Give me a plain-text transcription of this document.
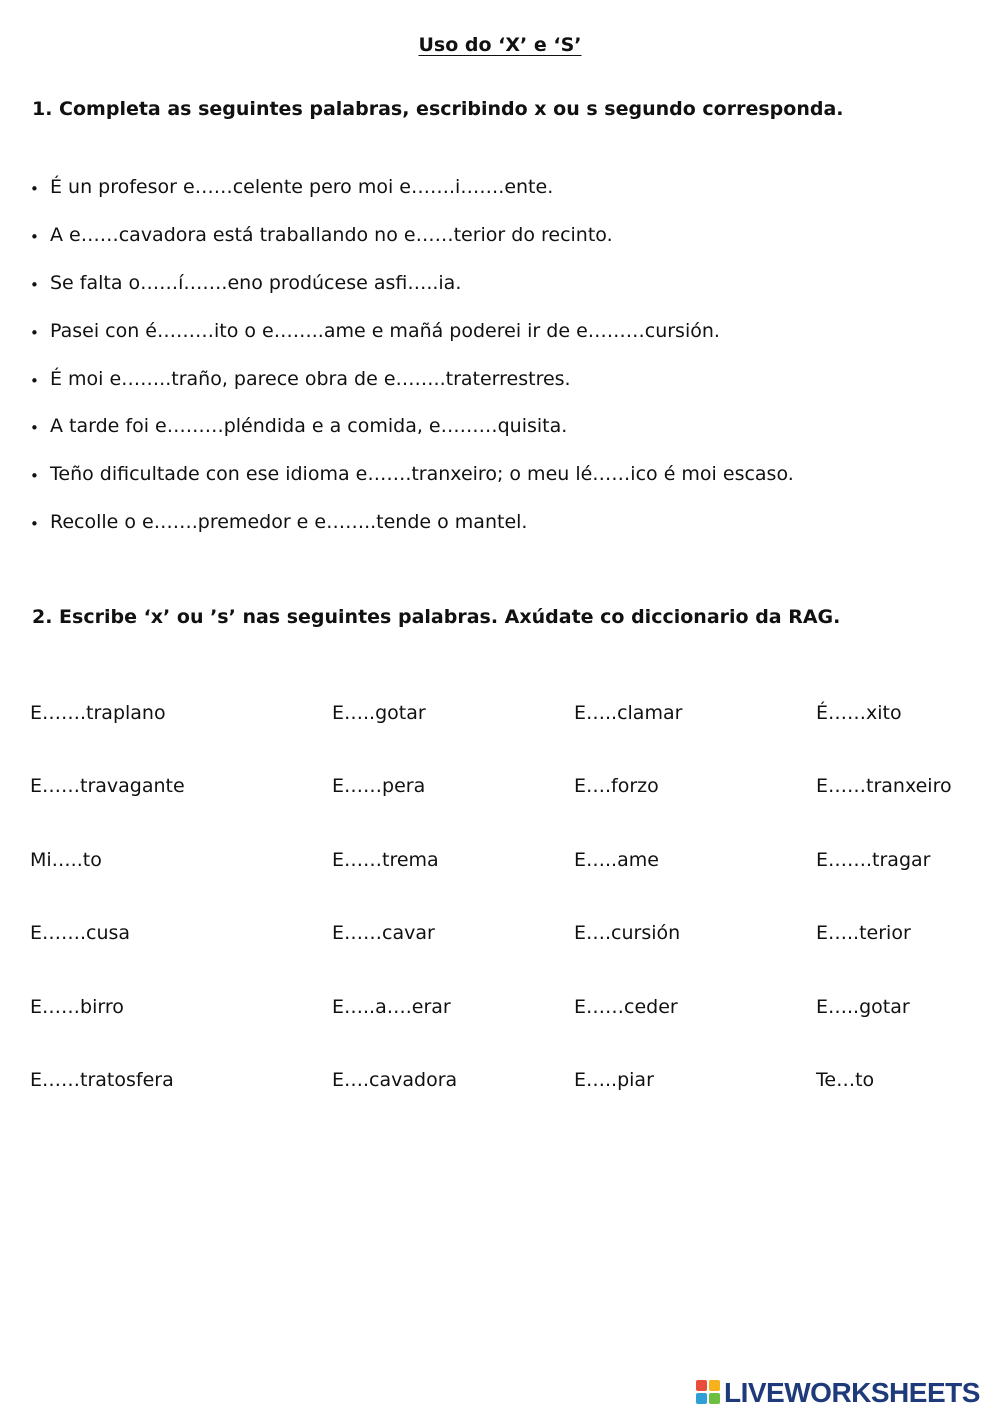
Uso do ‘X’ e ‘S’
1. Completa as seguintes palabras, escribindo x ou s segundo corresponda.
• É un profesor e……celente pero moi e…….i…….ente.
• A e……cavadora está traballando no e……terior do recinto.
• Se falta o……í…….eno prodúcese asfi…..ia.
• Pasei con é………ito o e……..ame e mañá poderei ir de e………cursión.
• É moi e……..traño, parece obra de e……..traterrestres.
• A tarde foi e………pléndida e a comida, e………quisita.
• Teño dificultade con ese idioma e…….tranxeiro; o meu lé……ico é moi escaso.
• Recolle o e…….premedor e e……..tende o mantel.
2. Escribe ‘x’ ou ’s’ nas seguintes palabras. Axúdate co diccionario da RAG.
E…….traplano	E…..gotar	E…..clamar	É……xito
E……travagante	E……pera	E….forzo	E……tranxeiro
Mi…..to	E……trema	E…..ame	E…….tragar
E…….cusa	E……cavar	E….cursión	E…..terior
E……birro	E…..a….erar	E……ceder	E…..gotar
E……tratosfera	E….cavadora	E…..piar	Te…to
LIVEWORKSHEETS
